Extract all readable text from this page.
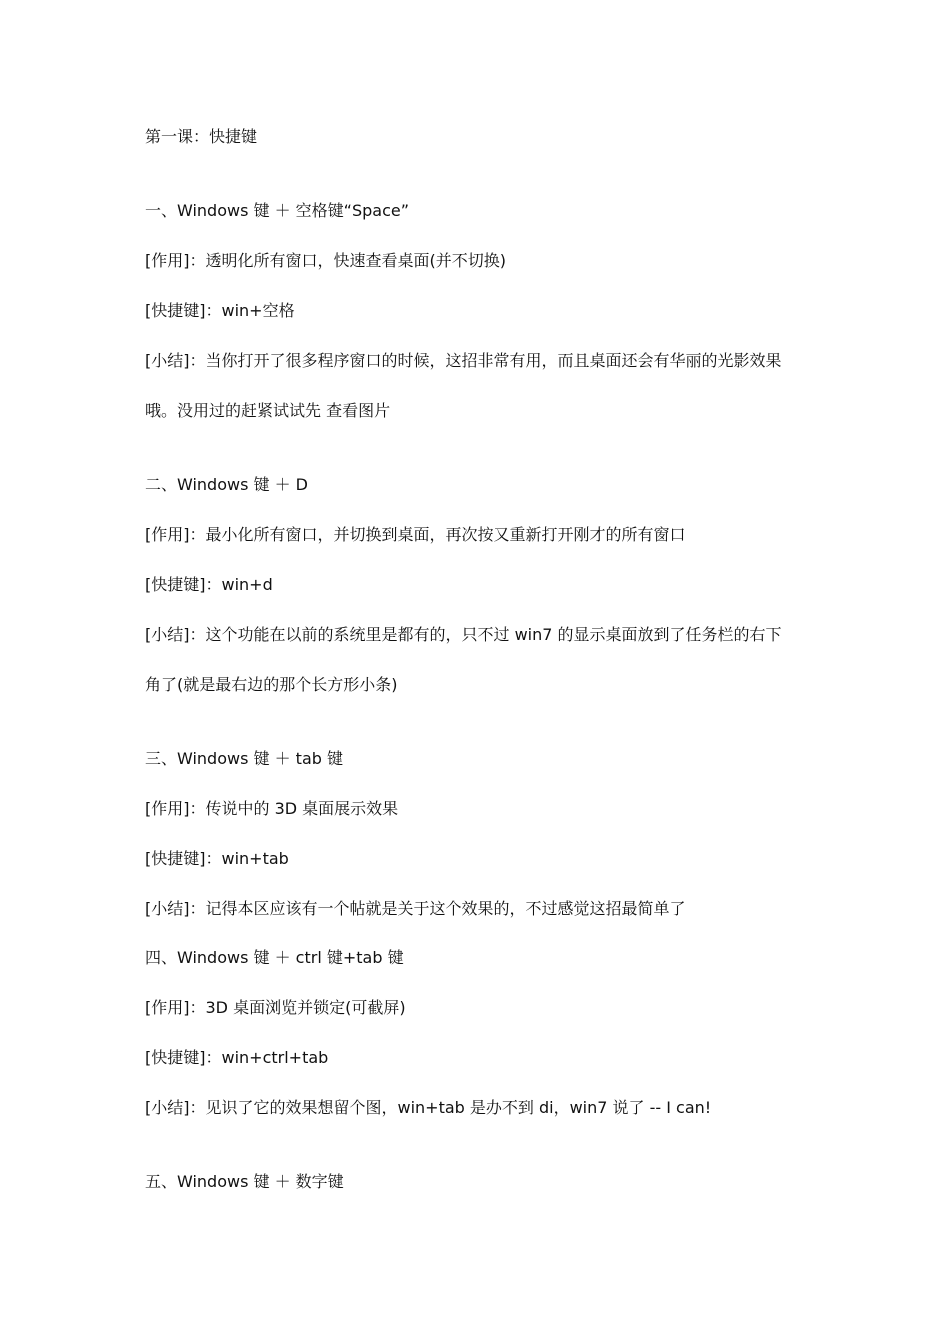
第一课：快捷键
一、Windows 键 ＋ 空格键“Space”
[作用]：透明化所有窗口，快速查看桌面(并不切换)
[快捷键]：win+空格
[小结]：当你打开了很多程序窗口的时候，这招非常有用，而且桌面还会有华丽的光影效果
哦。没用过的赶紧试试先 查看图片
二、Windows 键 ＋ D
[作用]：最小化所有窗口，并切换到桌面，再次按又重新打开刚才的所有窗口
[快捷键]：win+d
[小结]：这个功能在以前的系统里是都有的，只不过 win7 的显示桌面放到了任务栏的右下
角了(就是最右边的那个长方形小条)
三、Windows 键 ＋ tab 键
[作用]：传说中的 3D 桌面展示效果
[快捷键]：win+tab
[小结]：记得本区应该有一个帖就是关于这个效果的，不过感觉这招最简单了
四、Windows 键 ＋ ctrl 键+tab 键
[作用]：3D 桌面浏览并锁定(可截屏)
[快捷键]：win+ctrl+tab
[小结]：见识了它的效果想留个图，win+tab 是办不到 di，win7 说了 -- I can!
五、Windows 键 ＋ 数字键
